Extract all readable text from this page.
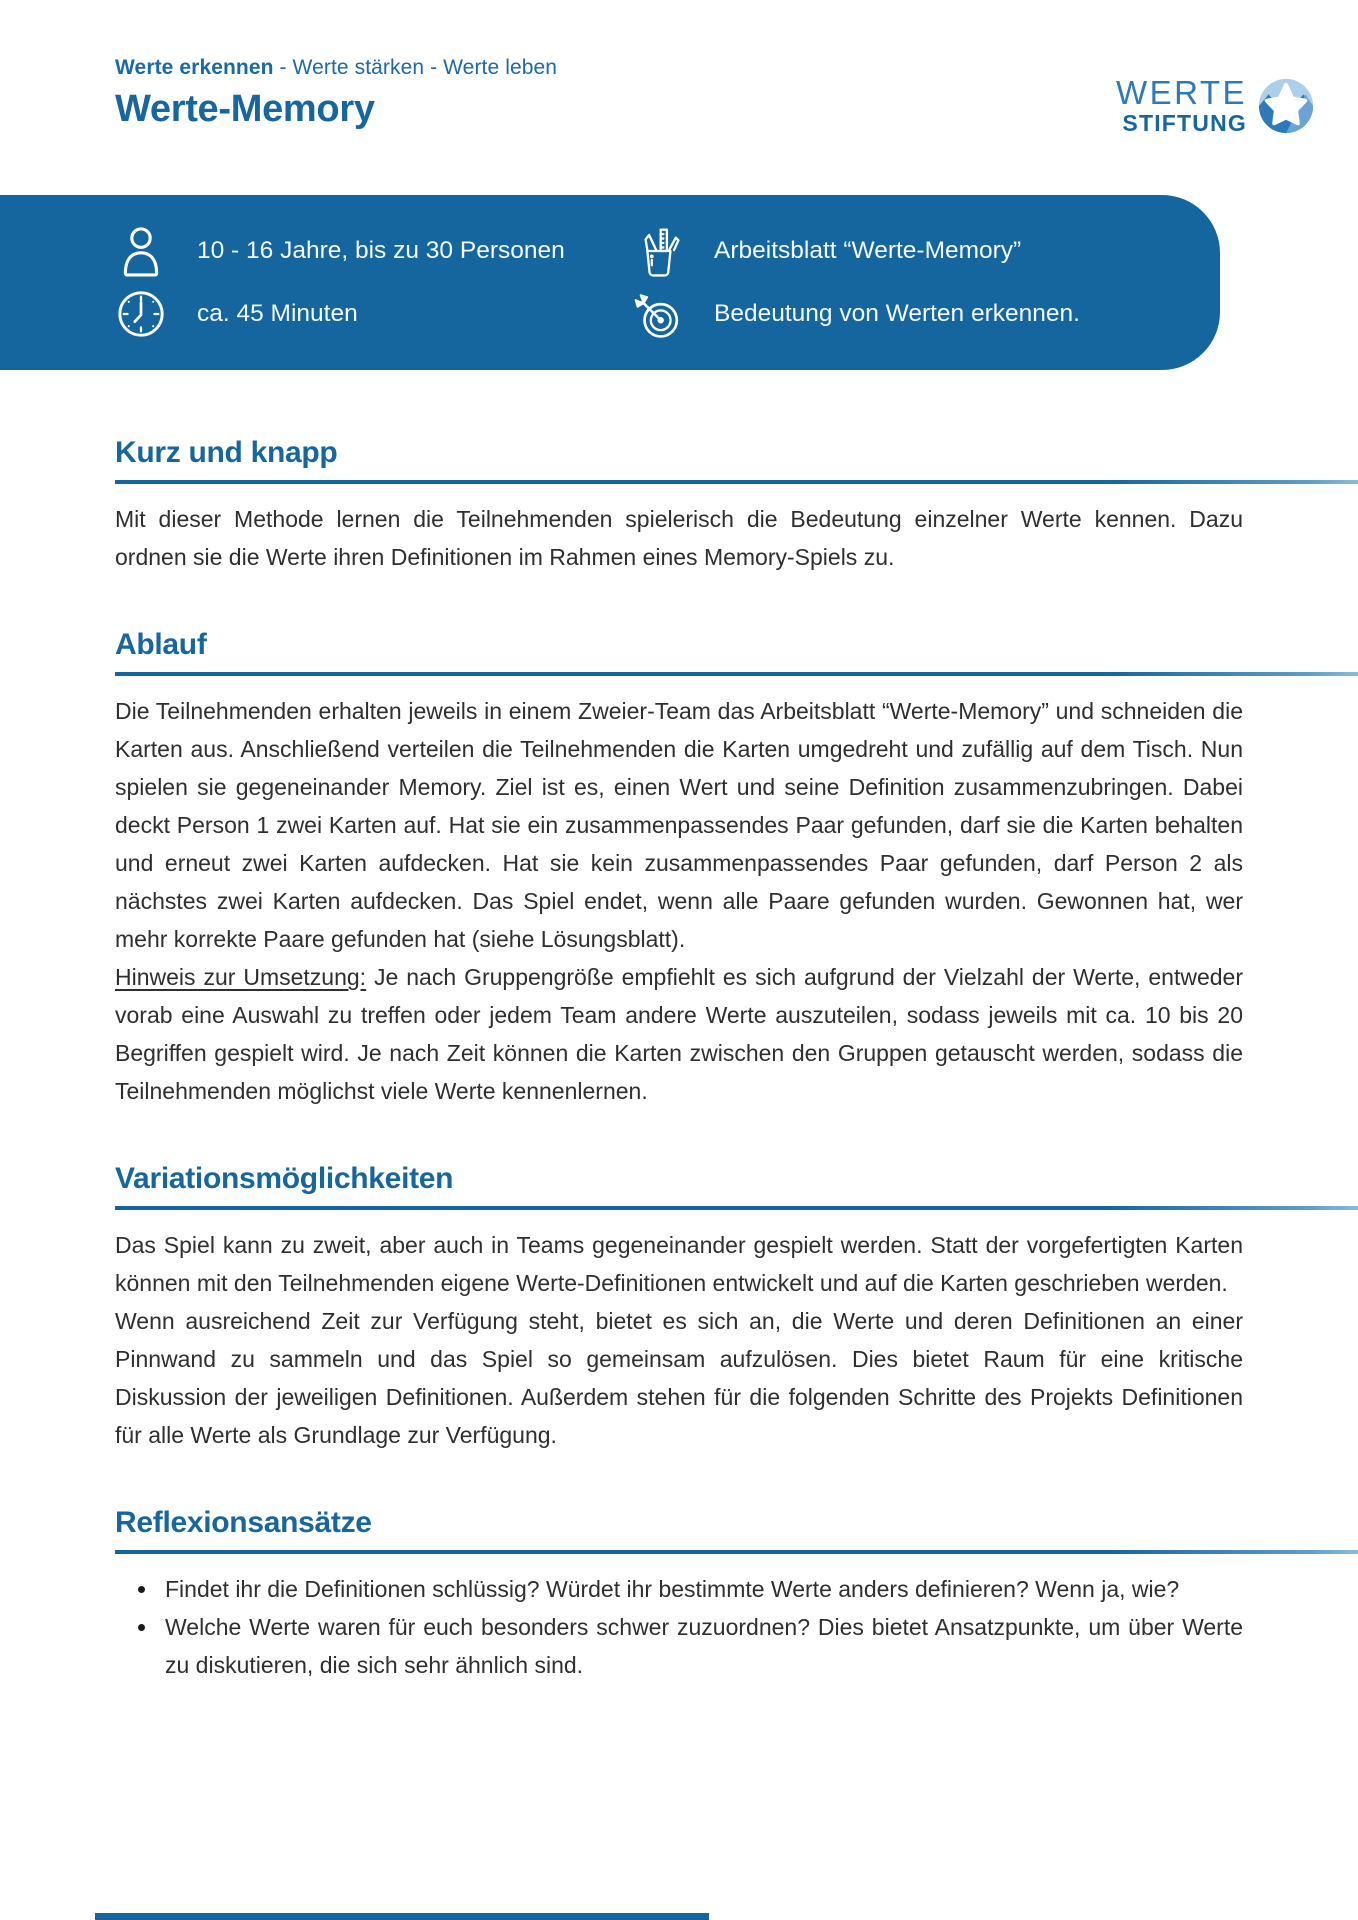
Werte erkennen - Werte stärken - Werte leben
Werte-Memory	WERTE
STIFTUNG
10 - 16 Jahre, bis zu 30 Personen	Arbeitsblatt “Werte-Memory”
ca. 45 Minuten	Bedeutung von Werten erkennen.
Kurz und knapp

Mit dieser Methode lernen die Teilnehmenden spielerisch die Bedeutung einzelner Werte kennen. Dazu ordnen sie die Werte ihren Definitionen im Rahmen eines Memory-Spiels zu.

Ablauf

Die Teilnehmenden erhalten jeweils in einem Zweier-Team das Arbeitsblatt “Werte-Memory” und schneiden die Karten aus. Anschließend verteilen die Teilnehmenden die Karten umgedreht und zufällig auf dem Tisch. Nun spielen sie gegeneinander Memory. Ziel ist es, einen Wert und seine Definition zusammenzubringen. Dabei deckt Person 1 zwei Karten auf. Hat sie ein zusammenpassendes Paar gefunden, darf sie die Karten behalten und erneut zwei Karten aufdecken. Hat sie kein zusammenpassendes Paar gefunden, darf Person 2 als nächstes zwei Karten aufdecken. Das Spiel endet, wenn alle Paare gefunden wurden. Gewonnen hat, wer mehr korrekte Paare gefunden hat (siehe Lösungsblatt).

Hinweis zur Umsetzung: Je nach Gruppengröße empfiehlt es sich aufgrund der Vielzahl der Werte, entweder vorab eine Auswahl zu treffen oder jedem Team andere Werte auszuteilen, sodass jeweils mit ca. 10 bis 20 Begriffen gespielt wird. Je nach Zeit können die Karten zwischen den Gruppen getauscht werden, sodass die Teilnehmenden möglichst viele Werte kennenlernen.

Variationsmöglichkeiten

Das Spiel kann zu zweit, aber auch in Teams gegeneinander gespielt werden. Statt der vorgefertigten Karten können mit den Teilnehmenden eigene Werte-Definitionen entwickelt und auf die Karten geschrieben werden.

Wenn ausreichend Zeit zur Verfügung steht, bietet es sich an, die Werte und deren Definitionen an einer Pinnwand zu sammeln und das Spiel so gemeinsam aufzulösen. Dies bietet Raum für eine kritische Diskussion der jeweiligen Definitionen. Außerdem stehen für die folgenden Schritte des Projekts Definitionen für alle Werte als Grundlage zur Verfügung.

Reflexionsansätze
• Findet ihr die Definitionen schlüssig? Würdet ihr bestimmte Werte anders definieren? Wenn ja, wie?
• Welche Werte waren für euch besonders schwer zuzuordnen? Dies bietet Ansatzpunkte, um über Werte zu diskutieren, die sich sehr ähnlich sind.
